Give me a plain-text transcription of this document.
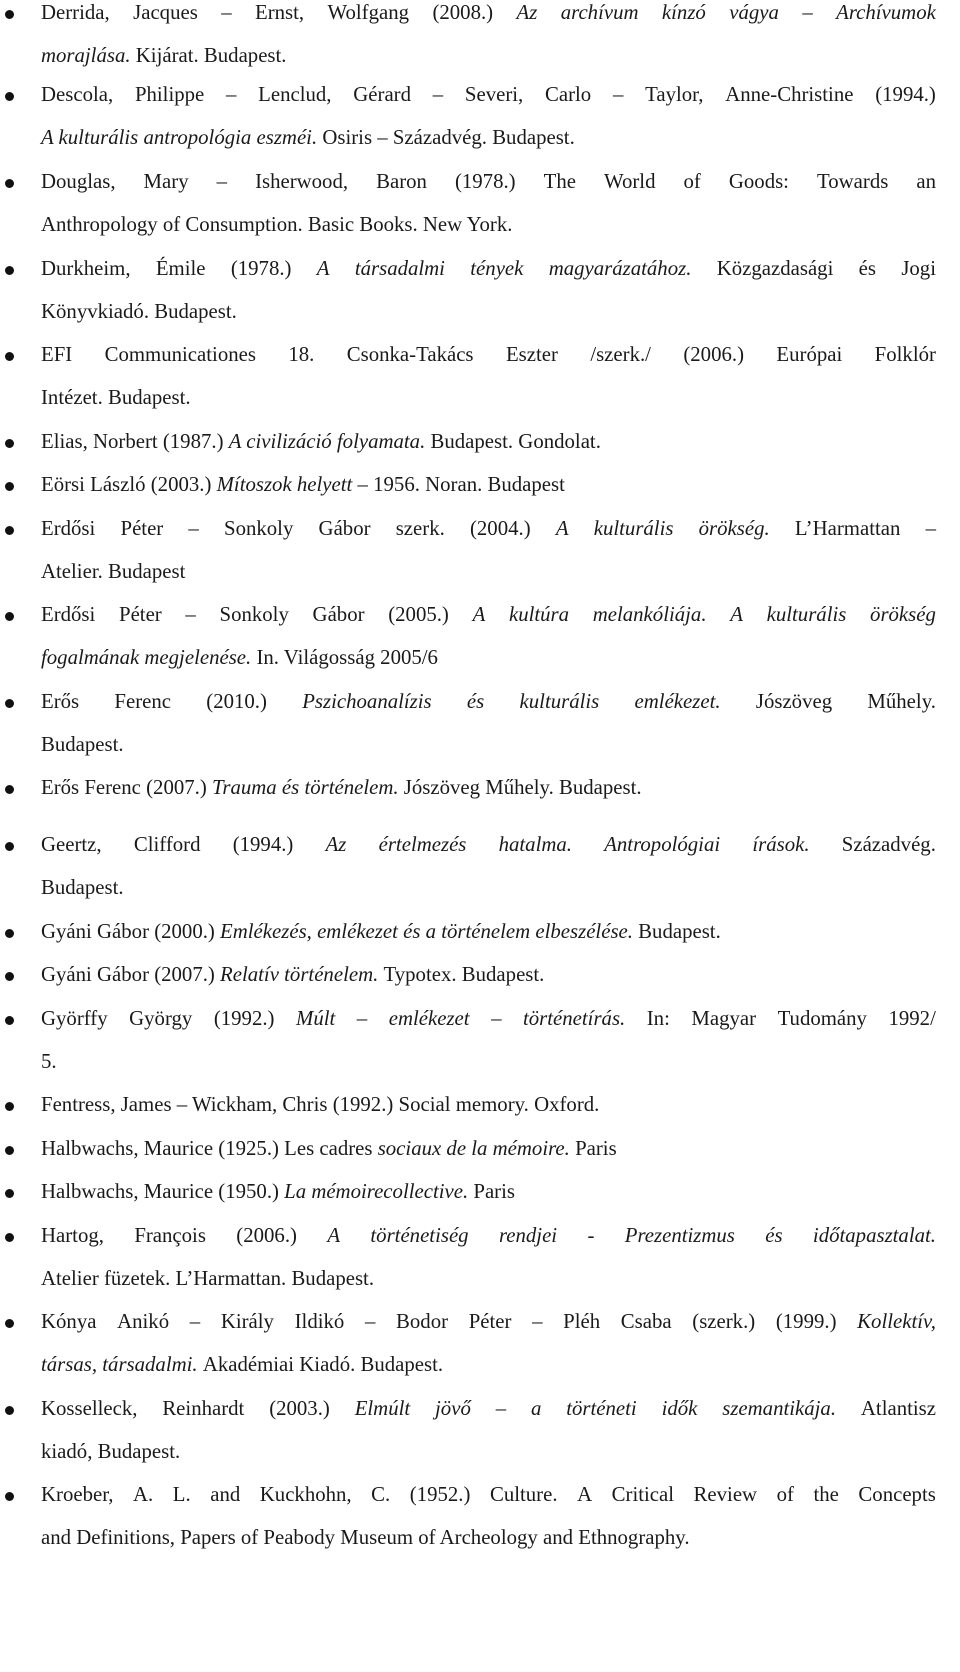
Derrida, Jacques – Ernst, Wolfgang (2008.) Az archívum kínzó vágya – Archívumok
morajlása. Kijárat. Budapest.
Descola, Philippe – Lenclud, Gérard – Severi, Carlo – Taylor, Anne-Christine (1994.)
A kulturális antropológia eszméi. Osiris – Századvég. Budapest.
Douglas, Mary – Isherwood, Baron (1978.) The World of Goods: Towards an
Anthropology of Consumption. Basic Books. New York.
Durkheim, Émile (1978.) A társadalmi tények magyarázatához. Közgazdasági és Jogi
Könyvkiadó. Budapest.
EFI Communicationes 18. Csonka-Takács Eszter /szerk./ (2006.) Európai Folklór
Intézet. Budapest.
Elias, Norbert (1987.) A civilizáció folyamata. Budapest. Gondolat.
Eörsi László (2003.) Mítoszok helyett – 1956. Noran. Budapest
Erdősi Péter – Sonkoly Gábor szerk. (2004.) A kulturális örökség. L’Harmattan –
Atelier. Budapest
Erdősi Péter – Sonkoly Gábor (2005.) A kultúra melankóliája. A kulturális örökség
fogalmának megjelenése. In. Világosság 2005/6
Erős Ferenc (2010.) Pszichoanalízis és kulturális emlékezet. Jószöveg Műhely.
Budapest.
Erős Ferenc (2007.) Trauma és történelem. Jószöveg Műhely. Budapest.
Geertz, Clifford (1994.) Az értelmezés hatalma. Antropológiai írások. Századvég.
Budapest.
Gyáni Gábor (2000.) Emlékezés, emlékezet és a történelem elbeszélése. Budapest.
Gyáni Gábor (2007.) Relatív történelem. Typotex. Budapest.
Györffy György (1992.) Múlt – emlékezet – történetírás. In: Magyar Tudomány 1992/
5.
Fentress, James – Wickham, Chris (1992.) Social memory. Oxford.
Halbwachs, Maurice (1925.) Les cadres sociaux de la mémoire. Paris
Halbwachs, Maurice (1950.) La mémoirecollective. Paris
Hartog, François (2006.) A történetiség rendjei - Prezentizmus és időtapasztalat.
Atelier füzetek. L’Harmattan. Budapest.
Kónya Anikó – Király Ildikó – Bodor Péter – Pléh Csaba (szerk.) (1999.) Kollektív,
társas, társadalmi. Akadémiai Kiadó. Budapest.
Kosselleck, Reinhardt (2003.) Elmúlt jövő – a történeti idők szemantikája. Atlantisz
kiadó, Budapest.
Kroeber, A. L. and Kuckhohn, C. (1952.) Culture. A Critical Review of the Concepts
and Definitions, Papers of Peabody Museum of Archeology and Ethnography.
